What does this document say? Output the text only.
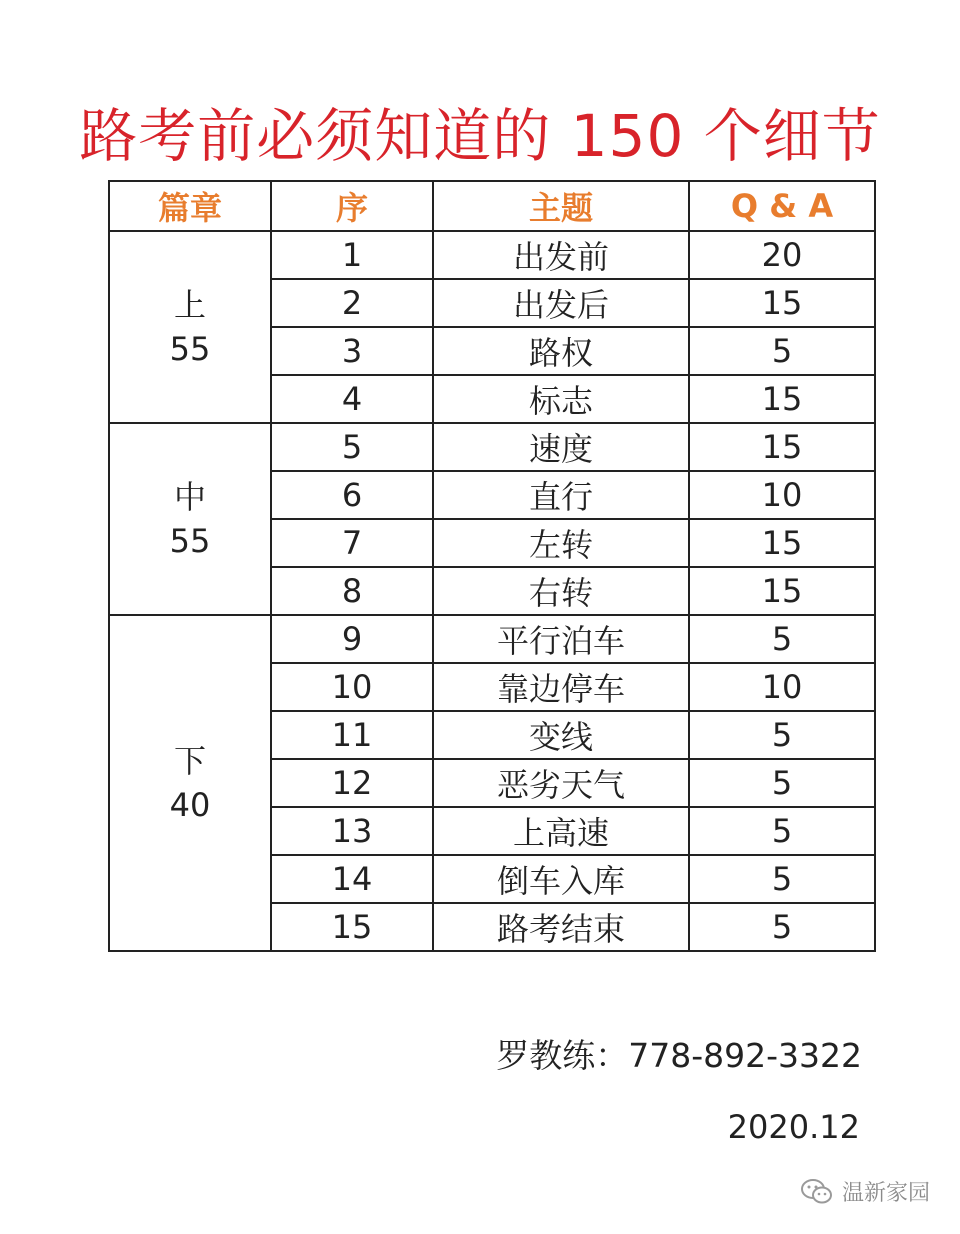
路考前必须知道的 150 个细节
篇章	序	主题	Q & A

上
55	1	出发前	20
	2	出发后	15
	3	路权	5
	4	标志	15

中
55	5	速度	15
	6	直行	10
	7	左转	15
	8	右转	15

下
40	9	平行泊车	5
	10	靠边停车	10
	11	变线	5
	12	恶劣天气	5
	13	上高速	5
	14	倒车入库	5
	15	路考结束	5
罗教练：778-892-3322
2020.12
温新家园
